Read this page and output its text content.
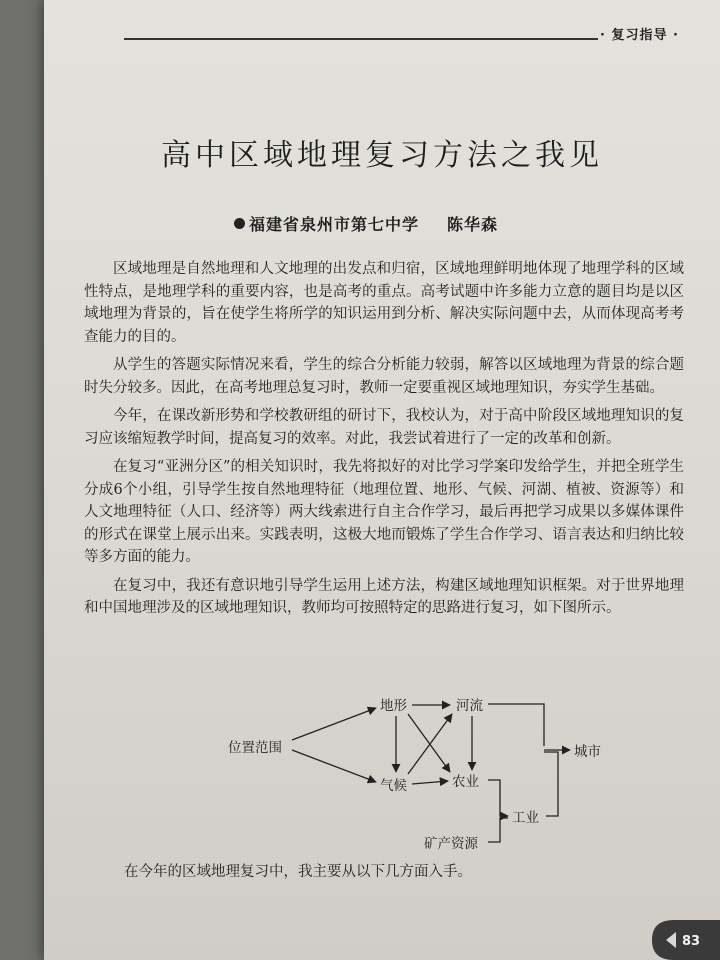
· 复习指导 ·
高中区域地理复习方法之我见
福建省泉州市第七中学 陈华森

区域地理是自然地理和人文地理的出发点和归宿，区域地理鲜明地体现了地理学科的区域性特点，是地理学科的重要内容，也是高考的重点。高考试题中许多能力立意的题目均是以区域地理为背景的，旨在使学生将所学的知识运用到分析、解决实际问题中去，从而体现高考考查能力的目的。

从学生的答题实际情况来看，学生的综合分析能力较弱，解答以区域地理为背景的综合题时失分较多。因此，在高考地理总复习时，教师一定要重视区域地理知识，夯实学生基础。

今年，在课改新形势和学校教研组的研讨下，我校认为，对于高中阶段区域地理知识的复习应该缩短教学时间，提高复习的效率。对此，我尝试着进行了一定的改革和创新。

在复习“亚洲分区”的相关知识时，我先将拟好的对比学习学案印发给学生，并把全班学生分成6个小组，引导学生按自然地理特征（地理位置、地形、气候、河湖、植被、资源等）和人文地理特征（人口、经济等）两大线索进行自主合作学习，最后再把学习成果以多媒体课件的形式在课堂上展示出来。实践表明，这极大地而锻炼了学生合作学习、语言表达和归纳比较等多方面的能力。

在复习中，我还有意识地引导学生运用上述方法，构建区域地理知识框架。对于世界地理和中国地理涉及的区域地理知识，教师均可按照特定的思路进行复习，如下图所示。

位置范围
地形	河流
气候	农业
工业
矿产资源
城市
在今年的区域地理复习中，我主要从以下几方面入手。
83
